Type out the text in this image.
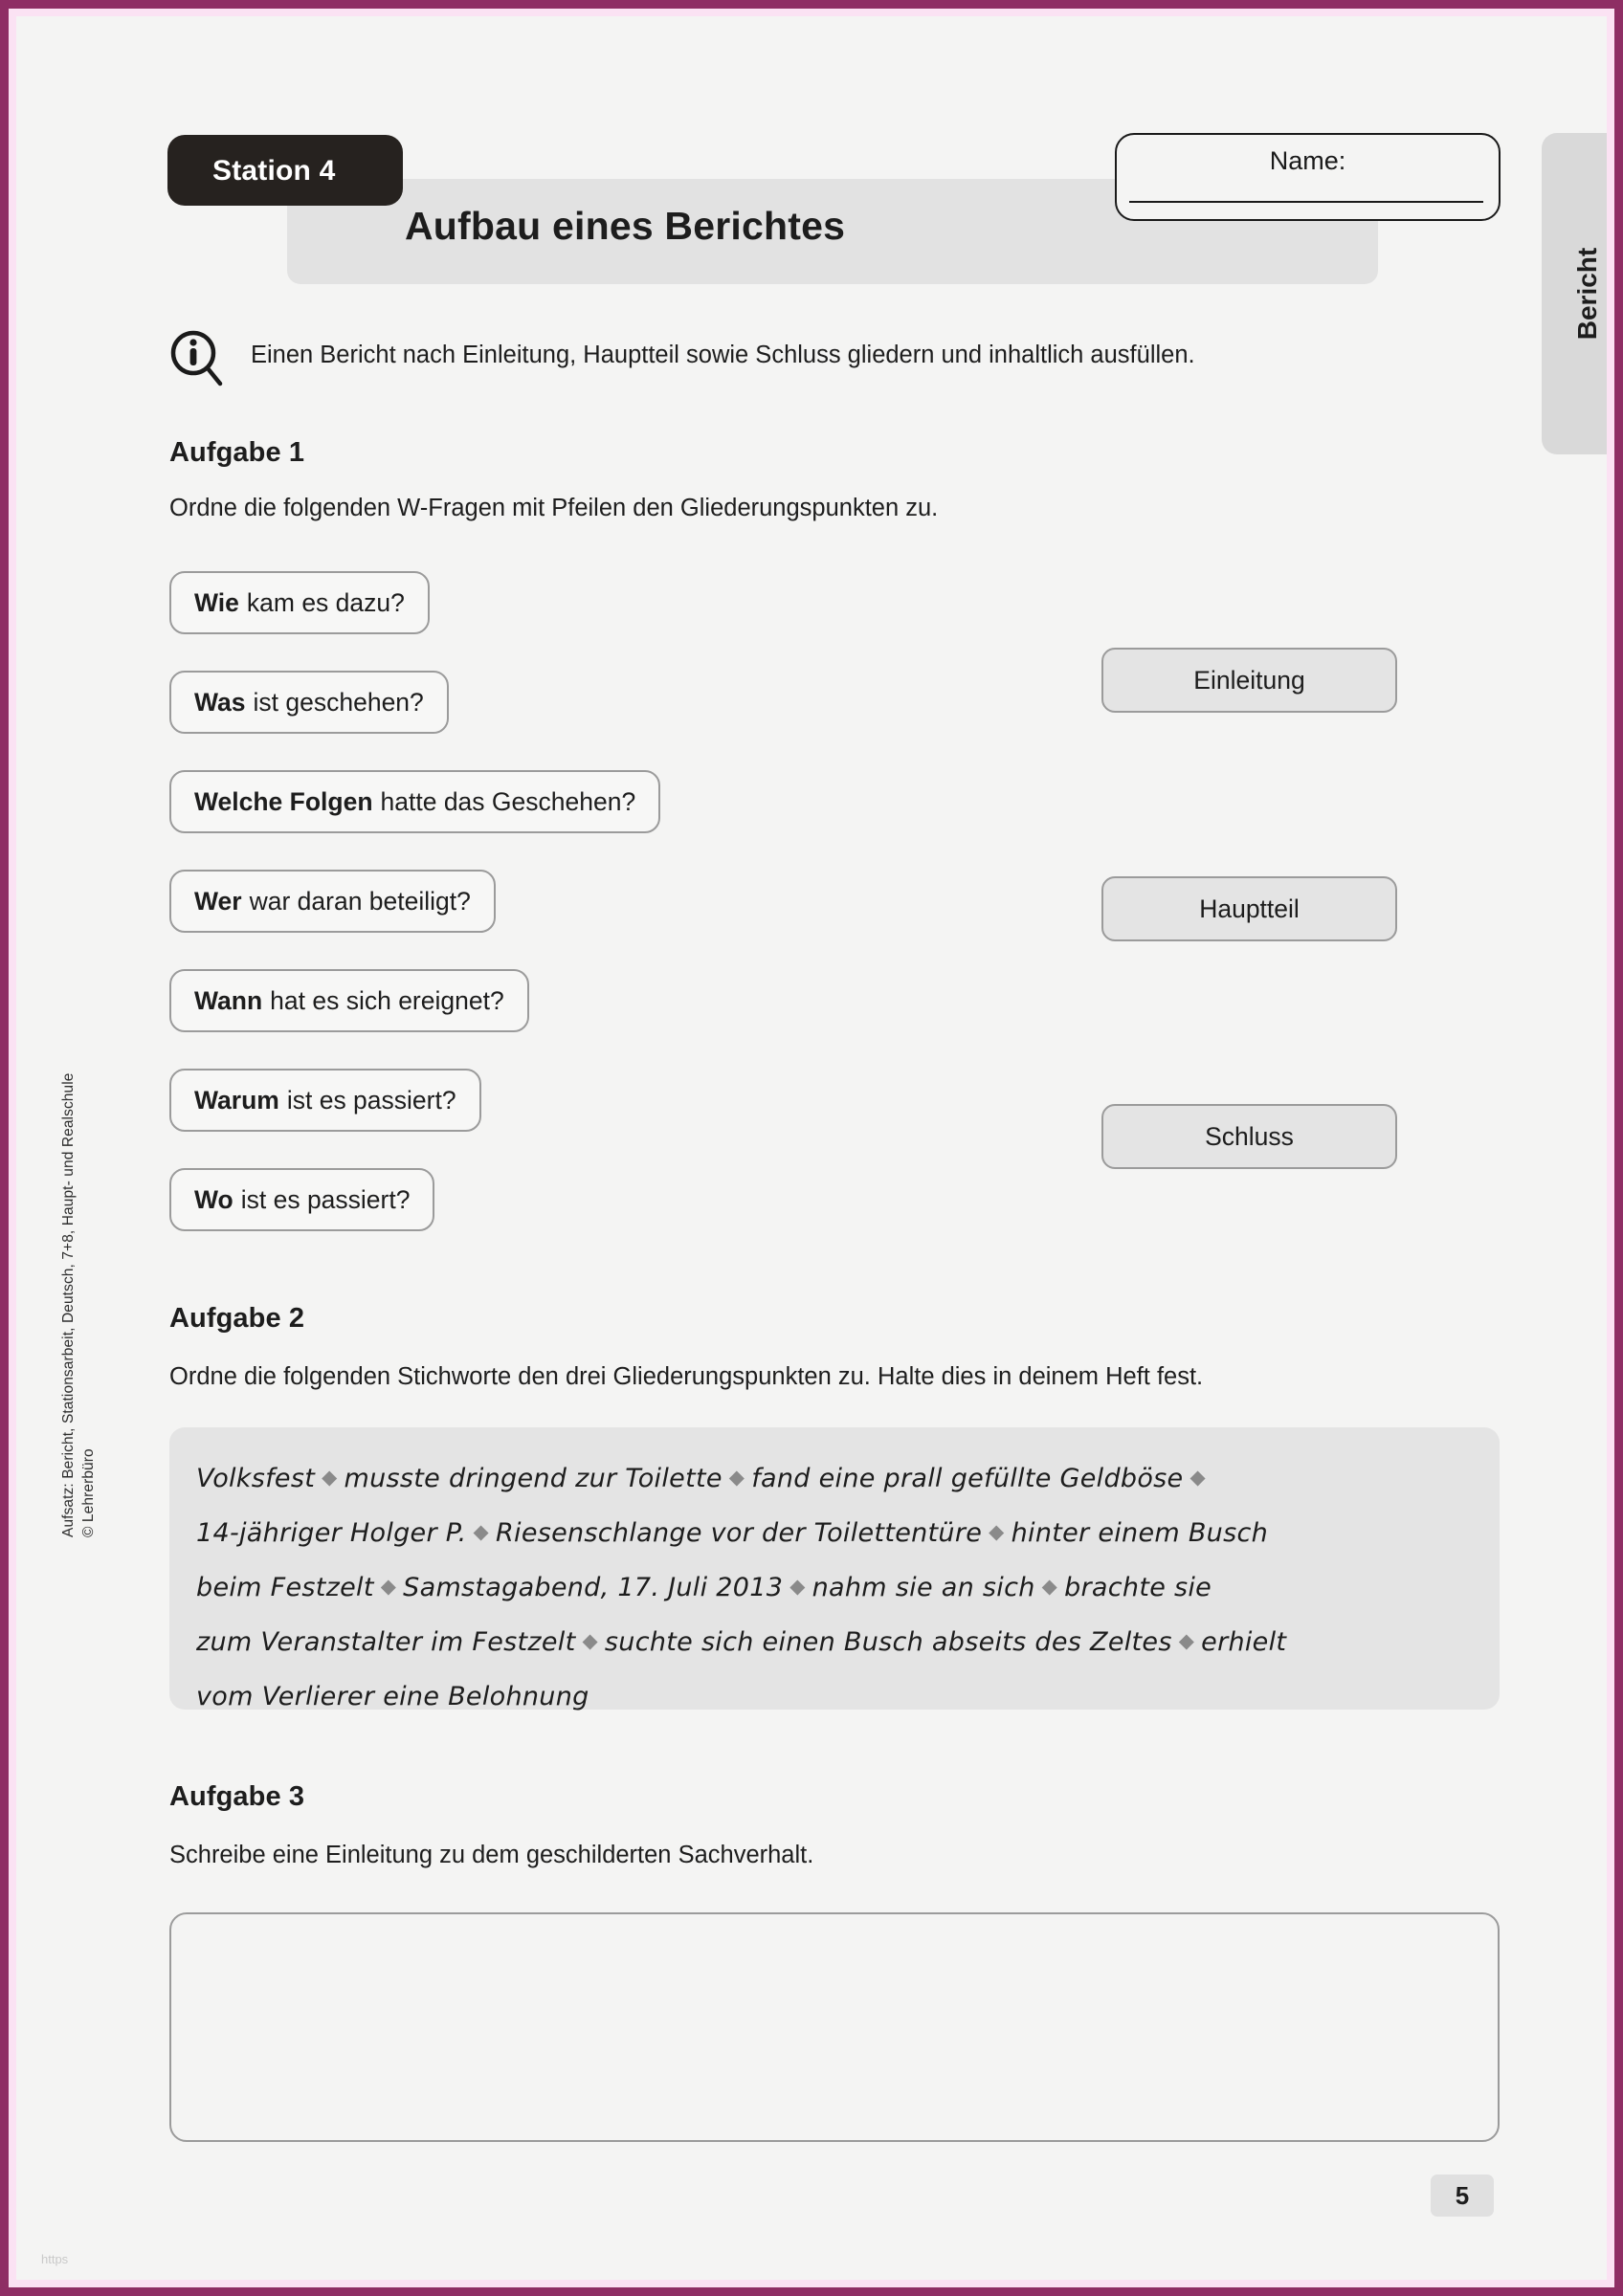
Bericht
Aufbau eines Berichtes
Station 4	Name:
Einen Bericht nach Einleitung, Hauptteil sowie Schluss gliedern und inhaltlich ausfüllen.
Aufgabe 1
Ordne die folgenden W-Fragen mit Pfeilen den Gliederungspunkten zu.
Wie kam es dazu?
Was ist geschehen?
Welche Folgen hatte das Geschehen?
Wer war daran beteiligt?
Wann hat es sich ereignet?
Warum ist es passiert?
Wo ist es passiert?
Einleitung
Hauptteil
Schluss
Aufgabe 2
Ordne die folgenden Stichworte den drei Gliederungspunkten zu. Halte dies in deinem Heft fest.
Volksfest ◆ musste dringend zur Toilette ◆ fand eine prall gefüllte Geldböse ◆
14-jähriger Holger P. ◆ Riesenschlange vor der Toilettentüre ◆ hinter einem Busch
beim Festzelt ◆ Samstagabend, 17. Juli 2013 ◆ nahm sie an sich ◆ brachte sie
zum Veranstalter im Festzelt ◆ suchte sich einen Busch abseits des Zeltes ◆ erhielt
vom Verlierer eine Belohnung
Aufgabe 3
Schreibe eine Einleitung zu dem geschilderten Sachverhalt.
5
Aufsatz: Bericht, Stationsarbeit, Deutsch, 7+8, Haupt- und Realschule © Lehrerbüro
https
